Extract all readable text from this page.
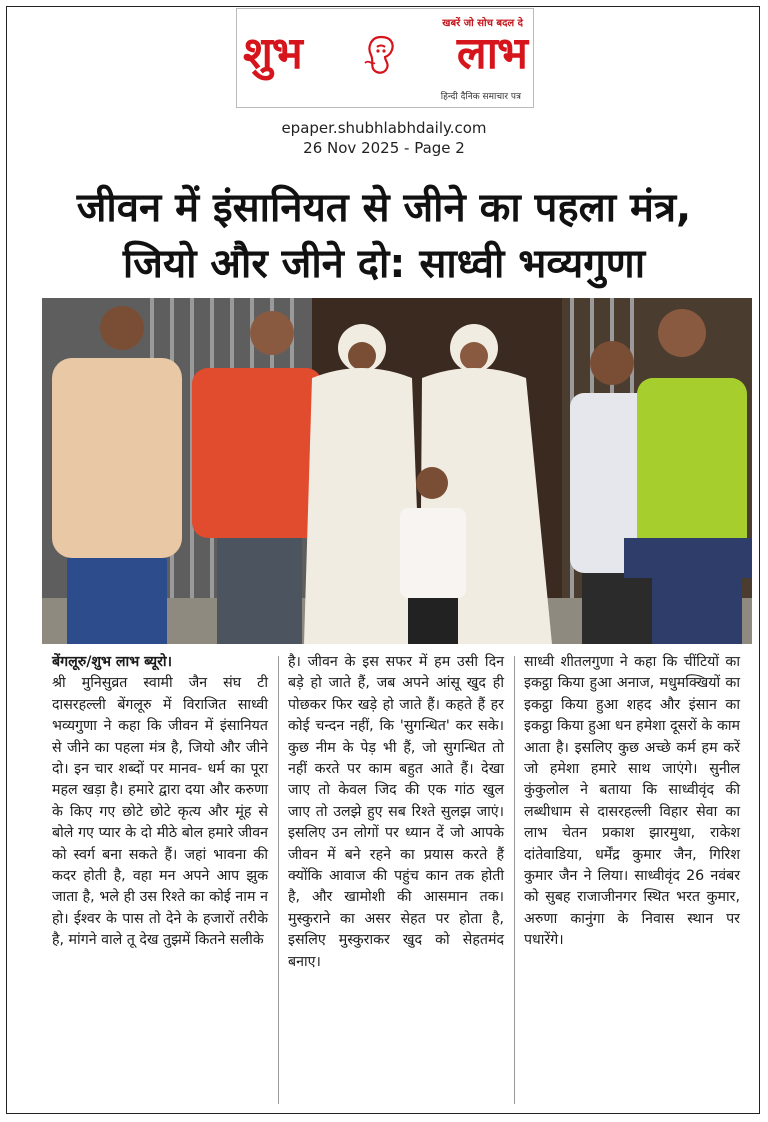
खबरें जो सोच बदल दे
शुभ	लाभ
हिन्दी दैनिक समाचार पत्र
epaper.shubhlabhdaily.com
26 Nov 2025 - Page 2
जीवन में इंसानियत से जीने का पहला मंत्र,
जियो और जीने दो: साध्वी भव्यगुणा

बेंगलूरु/शुभ लाभ ब्यूरो।
श्री मुनिसुव्रत स्वामी जैन संघ टी दासरहल्ली बेंगलूरु में विराजित साध्वी भव्यगुणा ने कहा कि जीवन में इंसानियत से जीने का पहला मंत्र है, जियो और जीने दो। इन चार शब्दों पर मानव- धर्म का पूरा महल खड़ा है। हमारे द्वारा दया और करुणा के किए गए छोटे छोटे कृत्य और मूंह से बोले गए प्यार के दो मीठे बोल हमारे जीवन को स्वर्ग बना सकते हैं। जहां भावना की कदर होती है, वहा मन अपने आप झुक जाता है, भले ही उस रिश्ते का कोई नाम न हो। ईश्वर के पास तो देने के हजारों तरीके है, मांगने वाले तू देख तुझमें कितने सलीके

है। जीवन के इस सफर में हम उसी दिन बड़े हो जाते हैं, जब अपने आंसू खुद ही पोछकर फिर खड़े हो जाते हैं। कहते हैं हर कोई चन्दन नहीं, कि 'सुगन्धित' कर सके। कुछ नीम के पेड़ भी हैं, जो सुगन्धित तो नहीं करते पर काम बहुत आते हैं। देखा जाए तो केवल जिद की एक गांठ खुल जाए तो उलझे हुए सब रिश्ते सुलझ जाएं। इसलिए उन लोगों पर ध्यान दें जो आपके जीवन में बने रहने का प्रयास करते हैं क्योंकि आवाज की पहुंच कान तक होती है, और खामोशी की आसमान तक। मुस्कुराने का असर सेहत पर होता है, इसलिए मुस्कुराकर खुद को सेहतमंद बनाए।

साध्वी शीतलगुणा ने कहा कि चींटियों का इकट्ठा किया हुआ अनाज, मधुमक्खियों का इकट्ठा किया हुआ शहद और इंसान का इकट्ठा किया हुआ धन हमेशा दूसरों के काम आता है। इसलिए कुछ अच्छे कर्म हम करें जो हमेशा हमारे साथ जाएंगे। सुनील कुंकुलोल ने बताया कि साध्वीवृंद की लब्धीधाम से दासरहल्ली विहार सेवा का लाभ चेतन प्रकाश झारमुथा, राकेश दांतेवाडिया, धर्मेंद्र कुमार जैन, गिरिश कुमार जैन ने लिया। साध्वीवृंद 26 नवंबर को सुबह राजाजीनगर स्थित भरत कुमार, अरुणा कानुंगा के निवास स्थान पर पधारेंगे।
